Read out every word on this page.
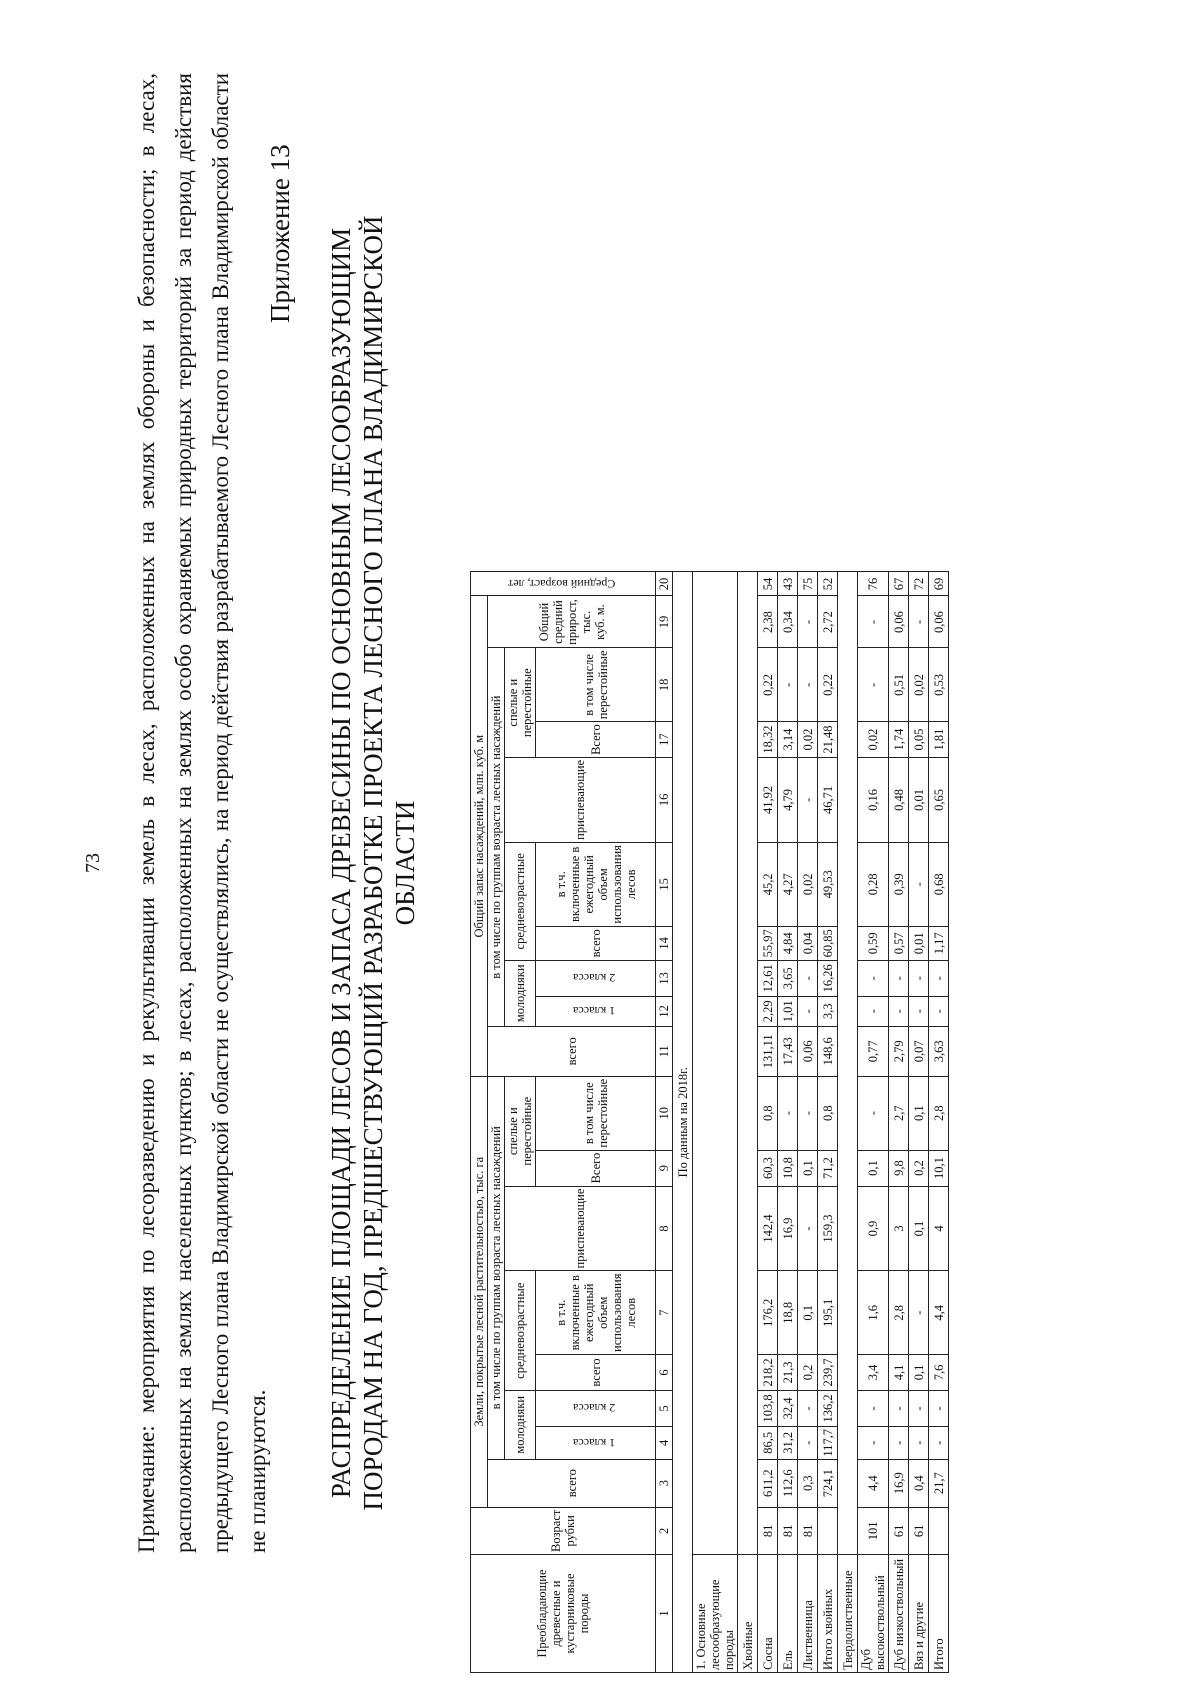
73 Примечание: мероприятия по лесоразведению и рекультивации земель в лесах, расположенных на землях обороны и безопасности; в лесах, расположенных на землях населенных пунктов; в лесах, расположенных на землях особо охраняемых природных территорий за период действия предыдущего Лесного плана Владимирской области не осуществлялись, на период действия разрабатываемого Лесного плана Владимирской области не планируются.
Приложение 13 РАСПРЕДЕЛЕНИЕ ПЛОЩАДИ ЛЕСОВ И ЗАПАСА ДРЕВЕСИНЫ ПО ОСНОВНЫМ ЛЕСООБРАЗУЮЩИМ ПОРОДАМ НА ГОД, ПРЕДШЕСТВУЮЩИЙ РАЗРАБОТКЕ ПРОЕКТА ЛЕСНОГО ПЛАНА ВЛАДИМИРСКОЙ ОБЛАСТИ
Преобладающие древесные и кустарниковые породы	Возраст рубки	Земли, покрытые лесной растительностью, тыс. га								Общий запас насаждений, млн. куб. м									Средний возраст, лет
		всего	в том числе по группам возраста лесных насаждений							всего	в том числе по группам возраста лесных насаждений							Общий средний прирост, тыс. куб. м.	
			молодняки		средневозрастные		приспевающие	спелые и перестойные			молодняки		средневозрастные		приспевающие	спелые и перестойные			
			1 класса	2 класса	всего	в т.ч. включенные в ежегодный объем использования лесов		Всего	в том числе перестойные		1 класса	2 класса	всего	в т.ч. включенные в ежегодный объем использования лесов		Всего	в том числе перестойные		
1	2	3	4	5	6	7	8	9	10	11	12	13	14	15	16	17	18	19	20
По данным на 2018г.																			
1. Основные лесообразующие породы																			
Хвойные																			
Сосна	81	611,2	86,5	103,8	218,2	176,2	142,4	60,3	0,8	131,11	2,29	12,61	55,97	45,2	41,92	18,32	0,22	2,38	54
Ель	81	112,6	31,2	32,4	21,3	18,8	16,9	10,8	-	17,43	1,01	3,65	4,84	4,27	4,79	3,14	-	0,34	43
Лиственница	81	0,3	-	-	0,2	0,1	-	0,1	-	0,06	-	-	0,04	0,02	-	0,02	-	-	75
Итого хвойных		724,1	117,7	136,2	239,7	195,1	159,3	71,2	0,8	148,6	3,3	16,26	60,85	49,53	46,71	21,48	0,22	2,72	52
Твердолиственные																			
Дуб высокоствольный	101	4,4	-	-	3,4	1,6	0,9	0,1	-	0,77	-	-	0,59	0,28	0,16	0,02	-	-	76
Дуб низкоствольный	61	16,9	-	-	4,1	2,8	3	9,8	2,7	2,79	-	-	0,57	0,39	0,48	1,74	0,51	0,06	67
Вяз и другие	61	0,4	-	-	0,1	-	0,1	0,2	0,1	0,07	-	-	0,01	-	0,01	0,05	0,02	-	72
Итого		21,7	-	-	7,6	4,4	4	10,1	2,8	3,63	-	-	1,17	0,68	0,65	1,81	0,53	0,06	69
